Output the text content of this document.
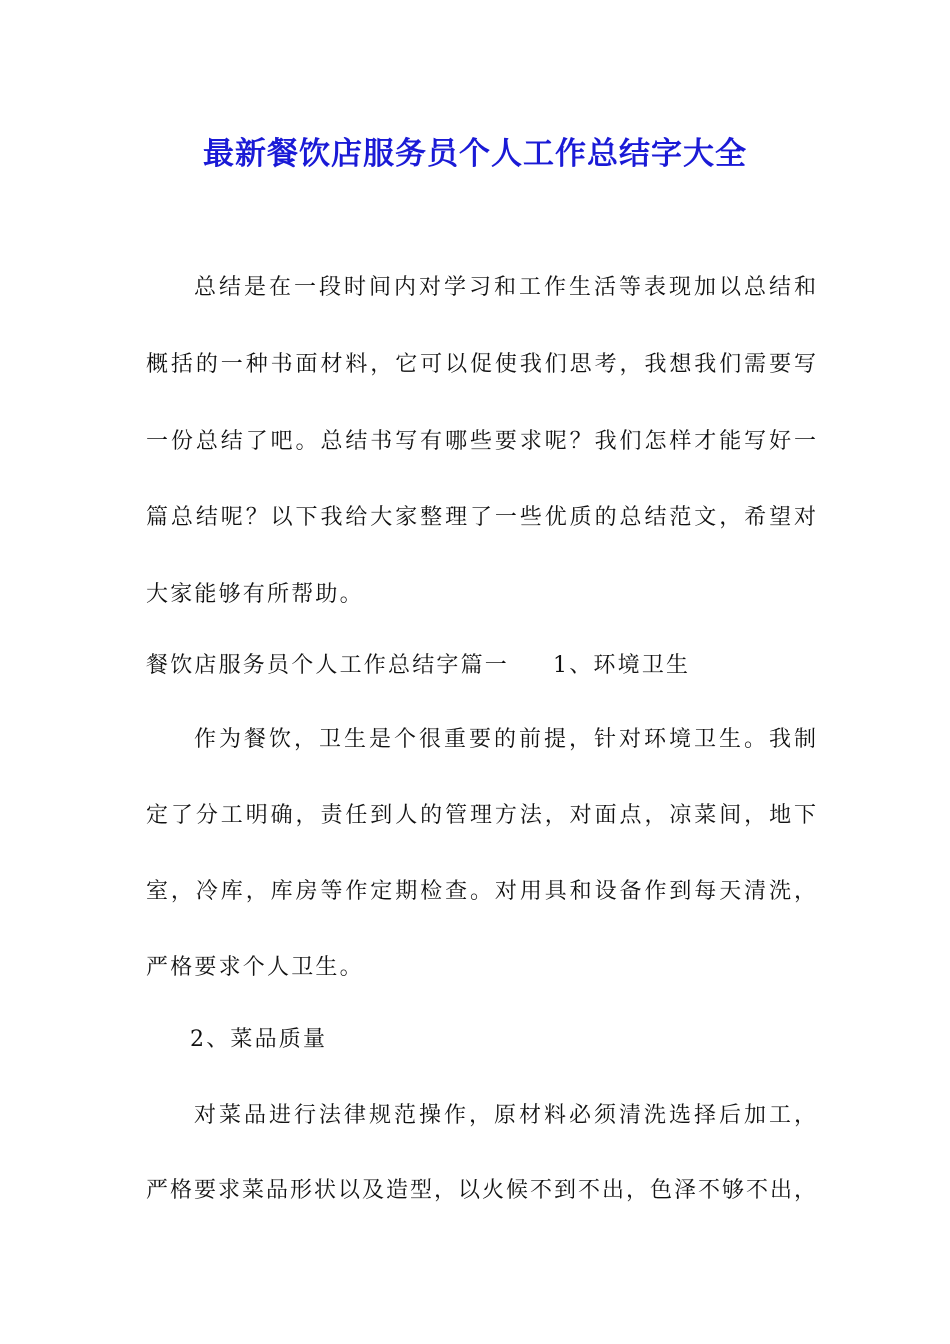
最新餐饮店服务员个人工作总结字大全
总结是在一段时间内对学习和工作生活等表现加以总结和
概括的一种书面材料，它可以促使我们思考，我想我们需要写
一份总结了吧。总结书写有哪些要求呢？我们怎样才能写好一
篇总结呢？以下我给大家整理了一些优质的总结范文，希望对
大家能够有所帮助。
餐饮店服务员个人工作总结字篇一 1、环境卫生
作为餐饮，卫生是个很重要的前提，针对环境卫生。我制
定了分工明确，责任到人的管理方法，对面点，凉菜间，地下
室，冷库，库房等作定期检查。对用具和设备作到每天清洗，
严格要求个人卫生。
2、菜品质量
对菜品进行法律规范操作，原材料必须清洗选择后加工，
严格要求菜品形状以及造型，以火候不到不出，色泽不够不出，
